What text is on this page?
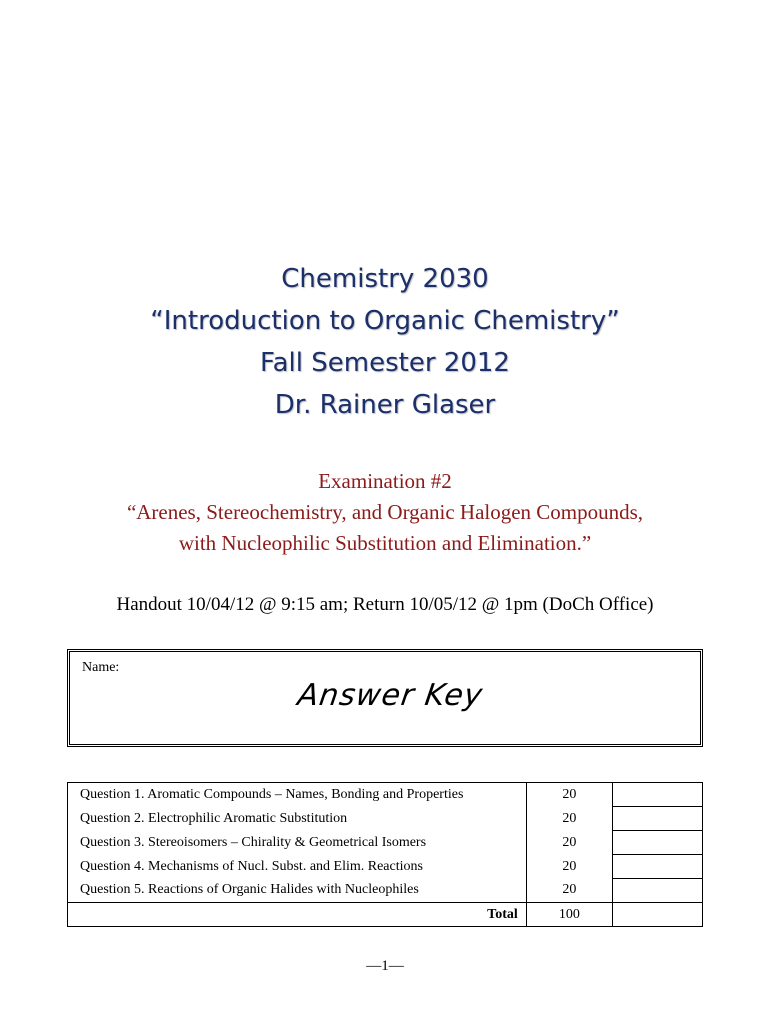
Chemistry 2030
“Introduction to Organic Chemistry”
Fall Semester 2012
Dr. Rainer Glaser
Examination #2
“Arenes, Stereochemistry, and Organic Halogen Compounds,
with Nucleophilic Substitution and Elimination.”
Handout 10/04/12 @ 9:15 am; Return 10/05/12 @ 1pm (DoCh Office)
Name:
Answer Key
Question 1. Aromatic Compounds – Names, Bonding and Properties	20	
Question 2. Electrophilic Aromatic Substitution	20	
Question 3. Stereoisomers – Chirality & Geometrical Isomers	20	
Question 4. Mechanisms of Nucl. Subst. and Elim. Reactions	20	
Question 5. Reactions of Organic Halides with Nucleophiles	20	
Total	100	
—1—
